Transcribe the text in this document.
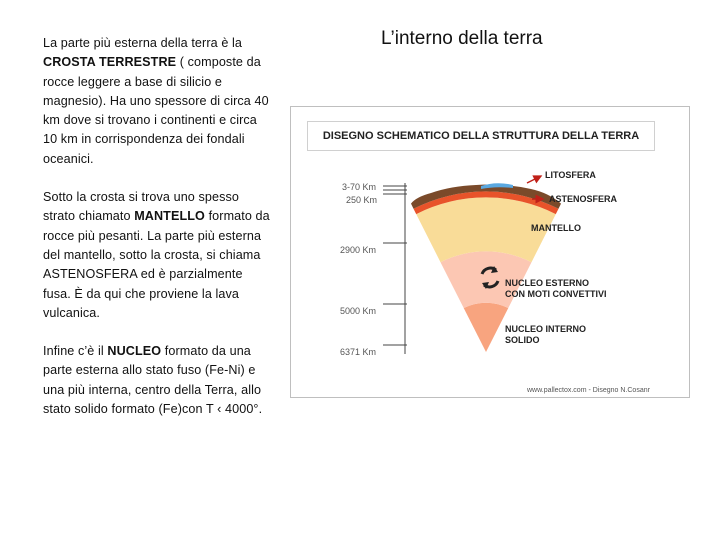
La parte più esterna della terra è la CROSTA TERRESTRE ( composte da rocce leggere a base di silicio e magnesio). Ha uno spessore di circa 40 km dove si trovano i continenti e circa 10 km in corrispondenza dei fondali oceanici.

Sotto la crosta si trova uno spesso strato chiamato MANTELLO formato da rocce più pesanti. La parte più esterna del mantello, sotto la crosta, si chiama ASTENOSFERA ed è parzialmente fusa. È da qui che proviene la lava vulcanica.

Infine c’è il NUCLEO formato da una parte esterna allo stato fuso (Fe-Ni) e una più interna, centro della Terra, allo stato solido formato (Fe)con T ‹ 4000°.

L’interno della terra
DISEGNO SCHEMATICO DELLA STRUTTURA DELLA TERRA
3-70 Km
250 Km
2900 Km
5000 Km
6371 Km
LITOSFERA
ASTENOSFERA
MANTELLO
NUCLEO ESTERNO
CON MOTI CONVETTIVI
NUCLEO INTERNO
SOLIDO
www.pallectox.com - Disegno N.Cosanr
